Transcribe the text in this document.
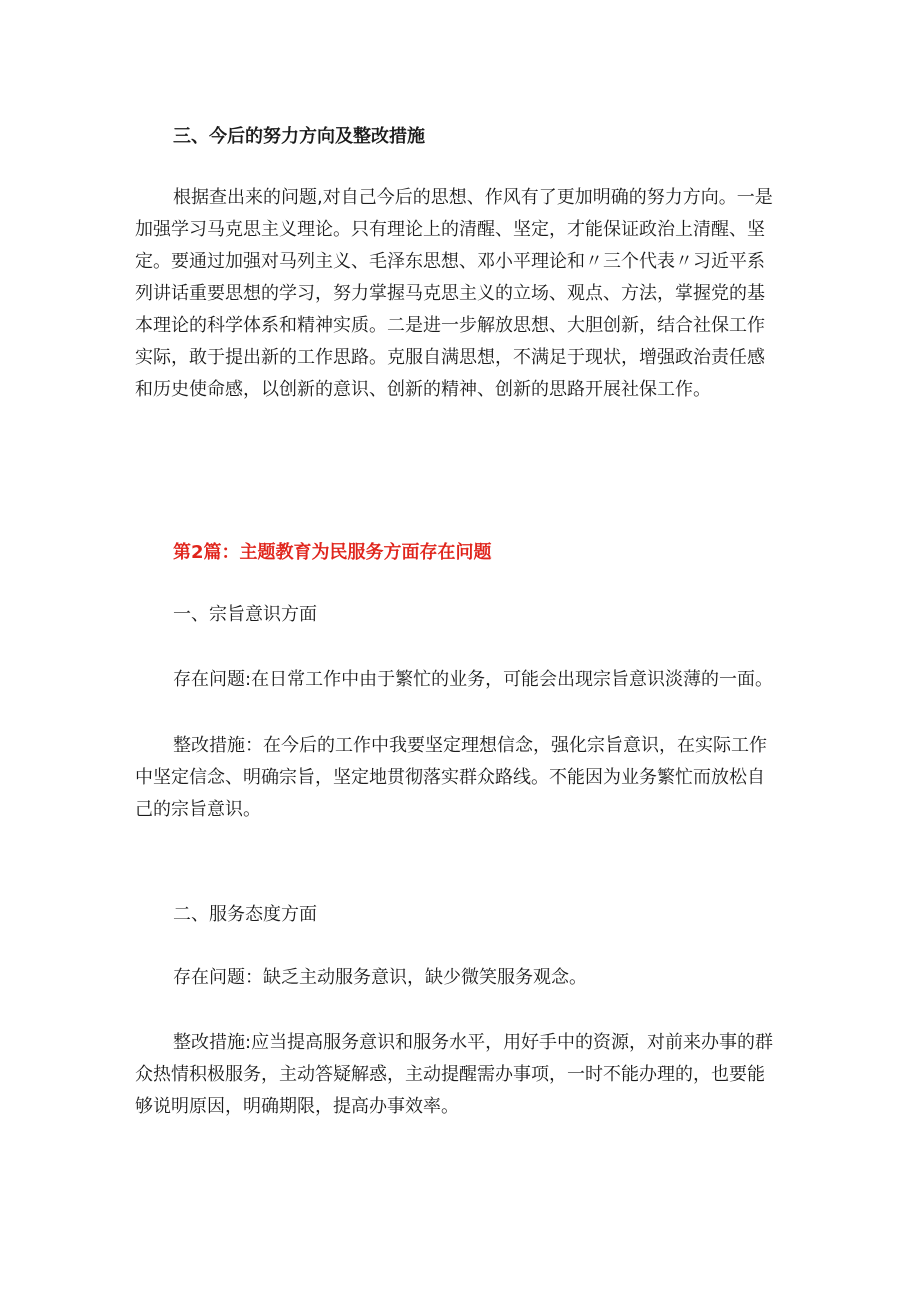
三、今后的努力方向及整改措施
根据查出来的问题,对自己今后的思想、作风有了更加明确的努力方向。一是
加强学习马克思主义理论。只有理论上的清醒、坚定，才能保证政治上清醒、坚
定。要通过加强对马列主义、毛泽东思想、邓小平理论和〃三个代表〃习近平系
列讲话重要思想的学习，努力掌握马克思主义的立场、观点、方法，掌握党的基
本理论的科学体系和精神实质。二是进一步解放思想、大胆创新，结合社保工作
实际，敢于提出新的工作思路。克服自满思想，不满足于现状，增强政治责任感
和历史使命感，以创新的意识、创新的精神、创新的思路开展社保工作。
第2篇：主题教育为民服务方面存在问题
一、宗旨意识方面
存在问题:在日常工作中由于繁忙的业务，可能会出现宗旨意识淡薄的一面。
整改措施：在今后的工作中我要坚定理想信念，强化宗旨意识，在实际工作
中坚定信念、明确宗旨，坚定地贯彻落实群众路线。不能因为业务繁忙而放松自
己的宗旨意识。
二、服务态度方面
存在问题：缺乏主动服务意识，缺少微笑服务观念。
整改措施:应当提高服务意识和服务水平，用好手中的资源，对前来办事的群
众热情积极服务，主动答疑解惑，主动提醒需办事项，一时不能办理的，也要能
够说明原因，明确期限，提高办事效率。
